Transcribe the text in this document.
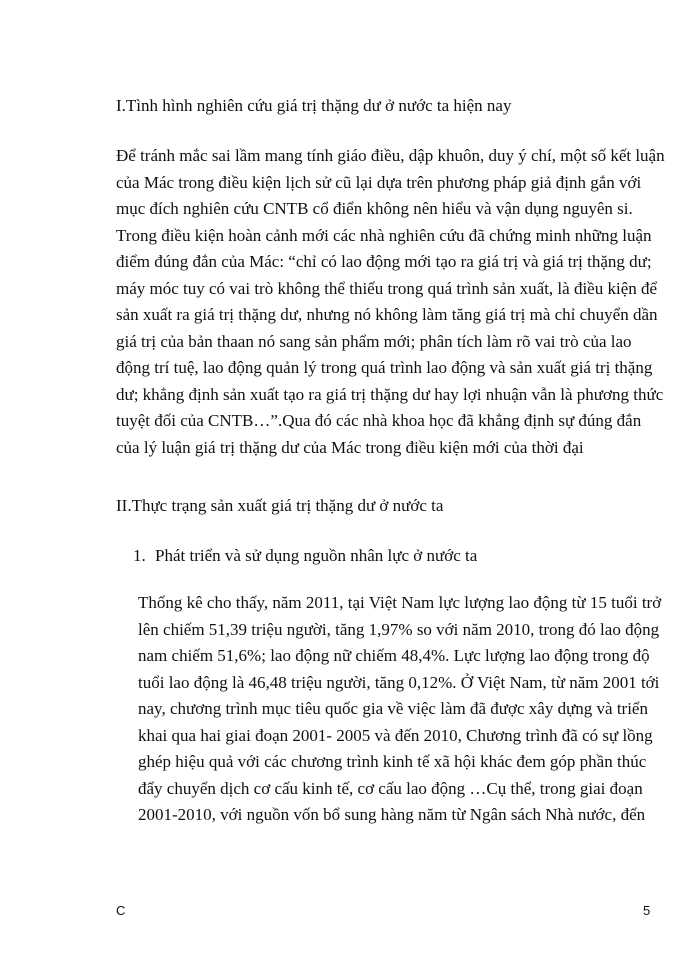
I.Tình hình nghiên cứu giá trị thặng dư ở nước ta hiện nay
Để tránh mắc sai lầm mang tính giáo điều, dập khuôn, duy ý chí, một số kết luận
của Mác trong điều kiện lịch sử cũ lại dựa trên phương pháp giả định gắn với
mục đích nghiên cứu CNTB cổ điển không nên hiểu và vận dụng nguyên si.
Trong điều kiện hoàn cảnh mới các nhà nghiên cứu đã chứng minh những luận
điểm đúng đắn của Mác: “chỉ có lao động mới tạo ra giá trị và giá trị thặng dư;
máy móc tuy có vai trò không thể thiếu trong quá trình sản xuất, là điều kiện để
sản xuất ra giá trị thặng dư, nhưng nó không làm tăng giá trị mà chỉ chuyển dần
giá trị của bản thaan nó sang sản phẩm mới; phân tích làm rõ vai trò của lao
động trí tuệ, lao động quản lý trong quá trình lao động và sản xuất giá trị thặng
dư; khẳng định sản xuất tạo ra giá trị thặng dư hay lợi nhuận vẫn là phương thức
tuyệt đối của CNTB…”.Qua đó các nhà khoa học đã khẳng định sự đúng đắn
của lý luận giá trị thặng dư của Mác trong điều kiện mới của thời đại
II.Thực trạng sản xuất giá trị thặng dư ở nước ta
1. Phát triển và sử dụng nguồn nhân lực ở nước ta
Thống kê cho thấy, năm 2011, tại Việt Nam lực lượng lao động từ 15 tuổi trở
lên chiếm 51,39 triệu người, tăng 1,97% so với năm 2010, trong đó lao động
nam chiếm 51,6%; lao động nữ chiếm 48,4%. Lực lượng lao động trong độ
tuổi lao động là 46,48 triệu người, tăng 0,12%. Ở Việt Nam, từ năm 2001 tới
nay, chương trình mục tiêu quốc gia về việc làm đã được xây dựng và triển
khai qua hai giai đoạn 2001- 2005 và đến 2010, Chương trình đã có sự lồng
ghép hiệu quả với các chương trình kinh tế xã hội khác đem góp phần thúc
đẩy chuyển dịch cơ cấu kinh tế, cơ cấu lao động …Cụ thể, trong giai đoạn
2001-2010, với nguồn vốn bổ sung hàng năm từ Ngân sách Nhà nước, đến
C	5
